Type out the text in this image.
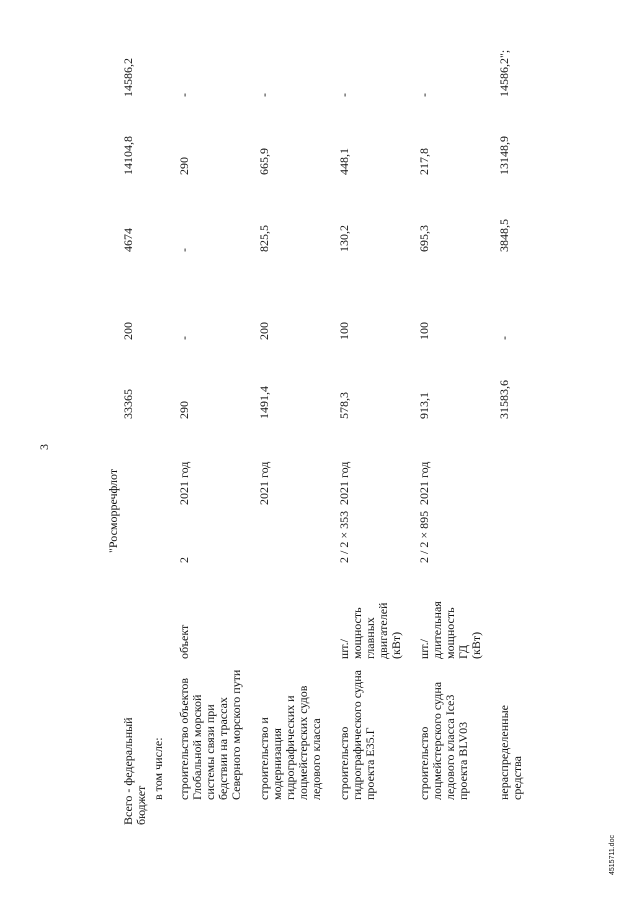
3
"Росморречфлот
Всего - федеральный
бюджет
33365
200
4674
14104,8
14586,2
в том числе: строительство объектов
Глобальной морской
системы связи при
бедствии на трассах
Северного морского пути
объект
2
2021 год
290
-
-
290
-
строительство и
модернизация
гидрографических и
лоцмейстерских судов
ледового класса
2021 год
1491,4
200
825,5
665,9
-
строительство
гидрографического судна
проекта Е35.Г
шт./
мощность
главных
двигателей
(кВт)
2 / 2 × 353
2021 год
578,3
100
130,2
448,1
-
строительство
лоцмейстерского судна
ледового класса Ice3
проекта BLV03
шт./
длительная
мощность
ГД
(кВт)
2 / 2 × 895
2021 год
913,1
100
695,3
217,8
-
нераспределенные
средства
31583,6
-
3848,5
13148,9
14586,2";
4515711.doc
